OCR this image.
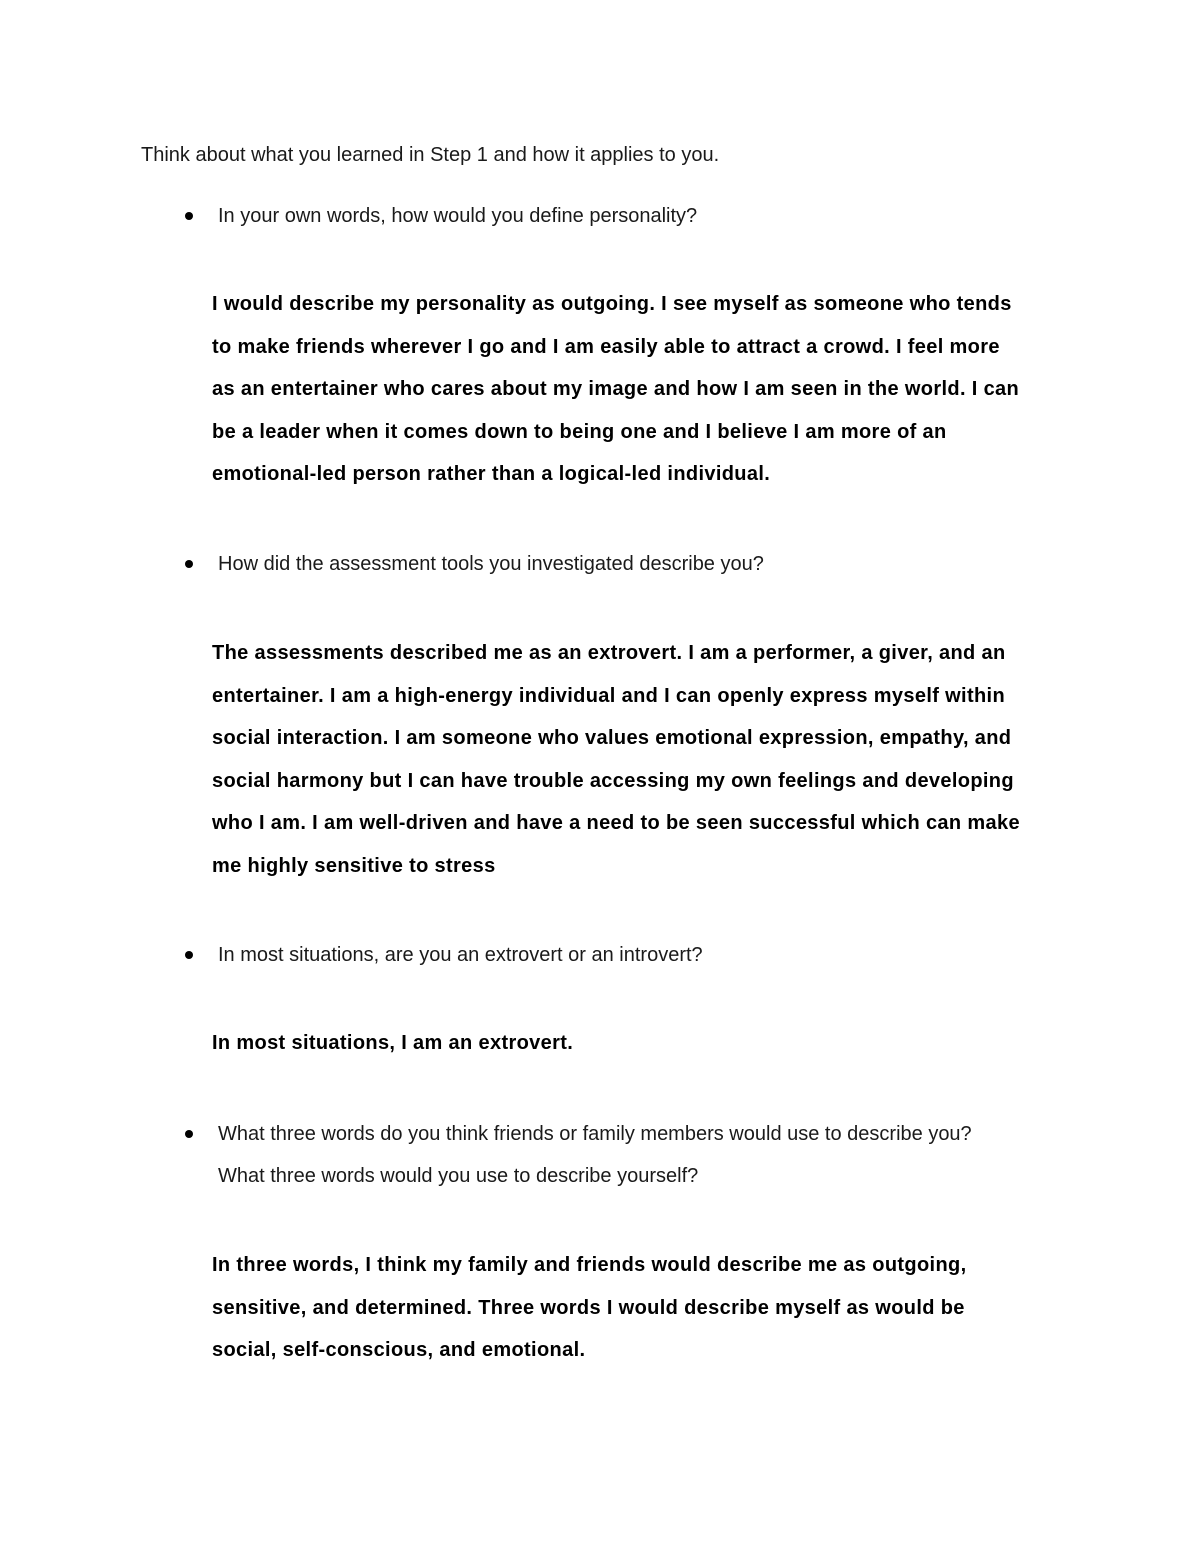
Think about what you learned in Step 1 and how it applies to you.
In your own words, how would you define personality?
I would describe my personality as outgoing. I see myself as someone who tends
to make friends wherever I go and I am easily able to attract a crowd. I feel more
as an entertainer who cares about my image and how I am seen in the world. I can
be a leader when it comes down to being one and I believe I am more of an
emotional-led person rather than a logical-led individual.
How did the assessment tools you investigated describe you?
The assessments described me as an extrovert. I am a performer, a giver, and an
entertainer. I am a high-energy individual and I can openly express myself within
social interaction. I am someone who values emotional expression, empathy, and
social harmony but I can have trouble accessing my own feelings and developing
who I am. I am well-driven and have a need to be seen successful which can make
me highly sensitive to stress
In most situations, are you an extrovert or an introvert?
In most situations, I am an extrovert.
What three words do you think friends or family members would use to describe you?
What three words would you use to describe yourself?
In three words, I think my family and friends would describe me as outgoing,
sensitive, and determined. Three words I would describe myself as would be
social, self-conscious, and emotional.
